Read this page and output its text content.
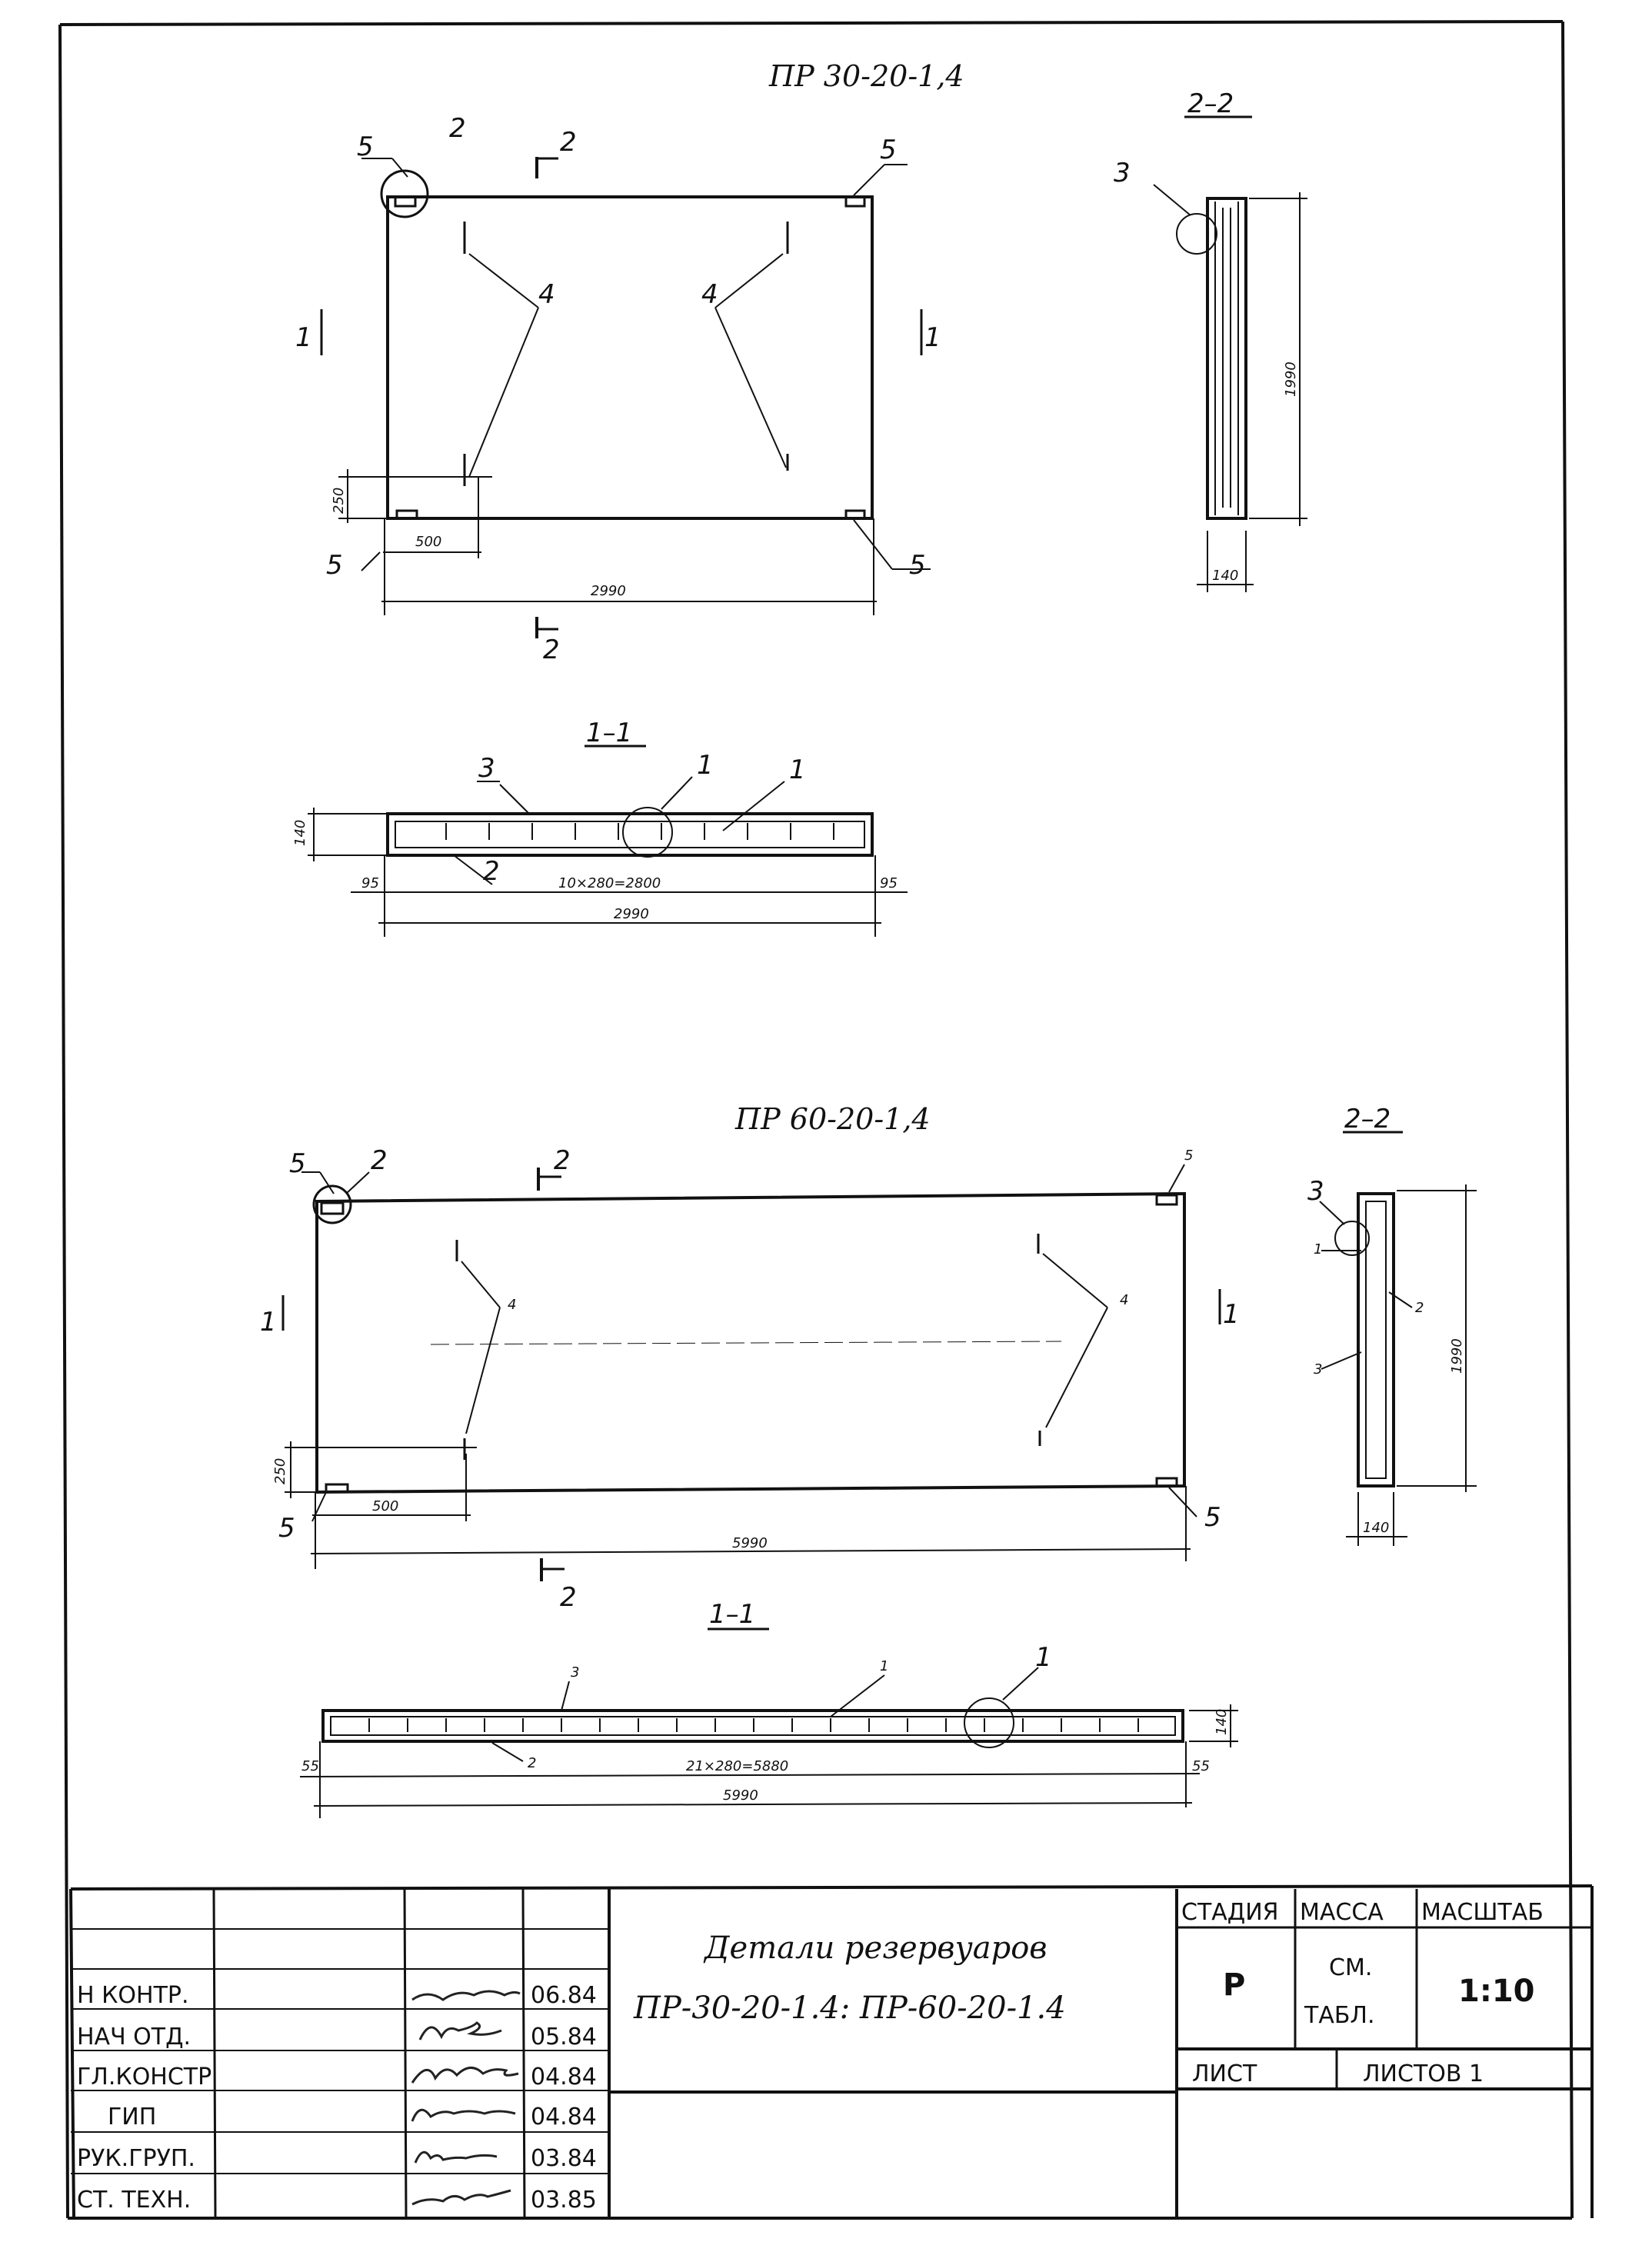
ПР 30-20-1,4
2990
500
250
1	1
2
2
5
2
5
4	4
5	5
2–2
3
1990
140
1–1
3	1	1
2
140
95	10×280=2800	95
2990
ПР 60-20-1,4
5990
500
250
1	1
2
2
5 2	5
4	4
5	5
2–2
3
1
2
3	1990
140
1–1
3	1	1
2
140
55	21×280=5880	55
5990
Детали резервуаров
ПР-30-20-1.4: ПР-60-20-1.4
СТАДИЯ МАССА МАСШТАБ
Р	СМ.
ТАБЛ.
1:10
ЛИСТ	ЛИСТОВ 1
Н КОНТР.	06.84
НАЧ ОТД.	05.84
ГЛ.КОНСТР	04.84
ГИП	04.84
РУК.ГРУП.	03.84
СТ. ТЕХН.	03.85
